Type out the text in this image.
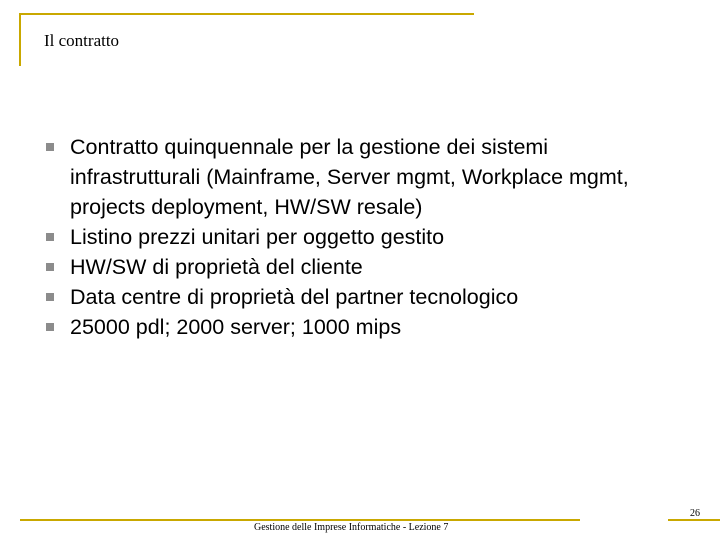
Il contratto
Contratto quinquennale per la gestione dei sistemi infrastrutturali (Mainframe, Server mgmt, Workplace mgmt, projects deployment, HW/SW resale)
Listino prezzi unitari per oggetto gestito
HW/SW di proprietà del cliente
Data centre di proprietà del partner tecnologico
25000 pdl; 2000 server; 1000 mips
Gestione delle Imprese Informatiche - Lezione 7
26
